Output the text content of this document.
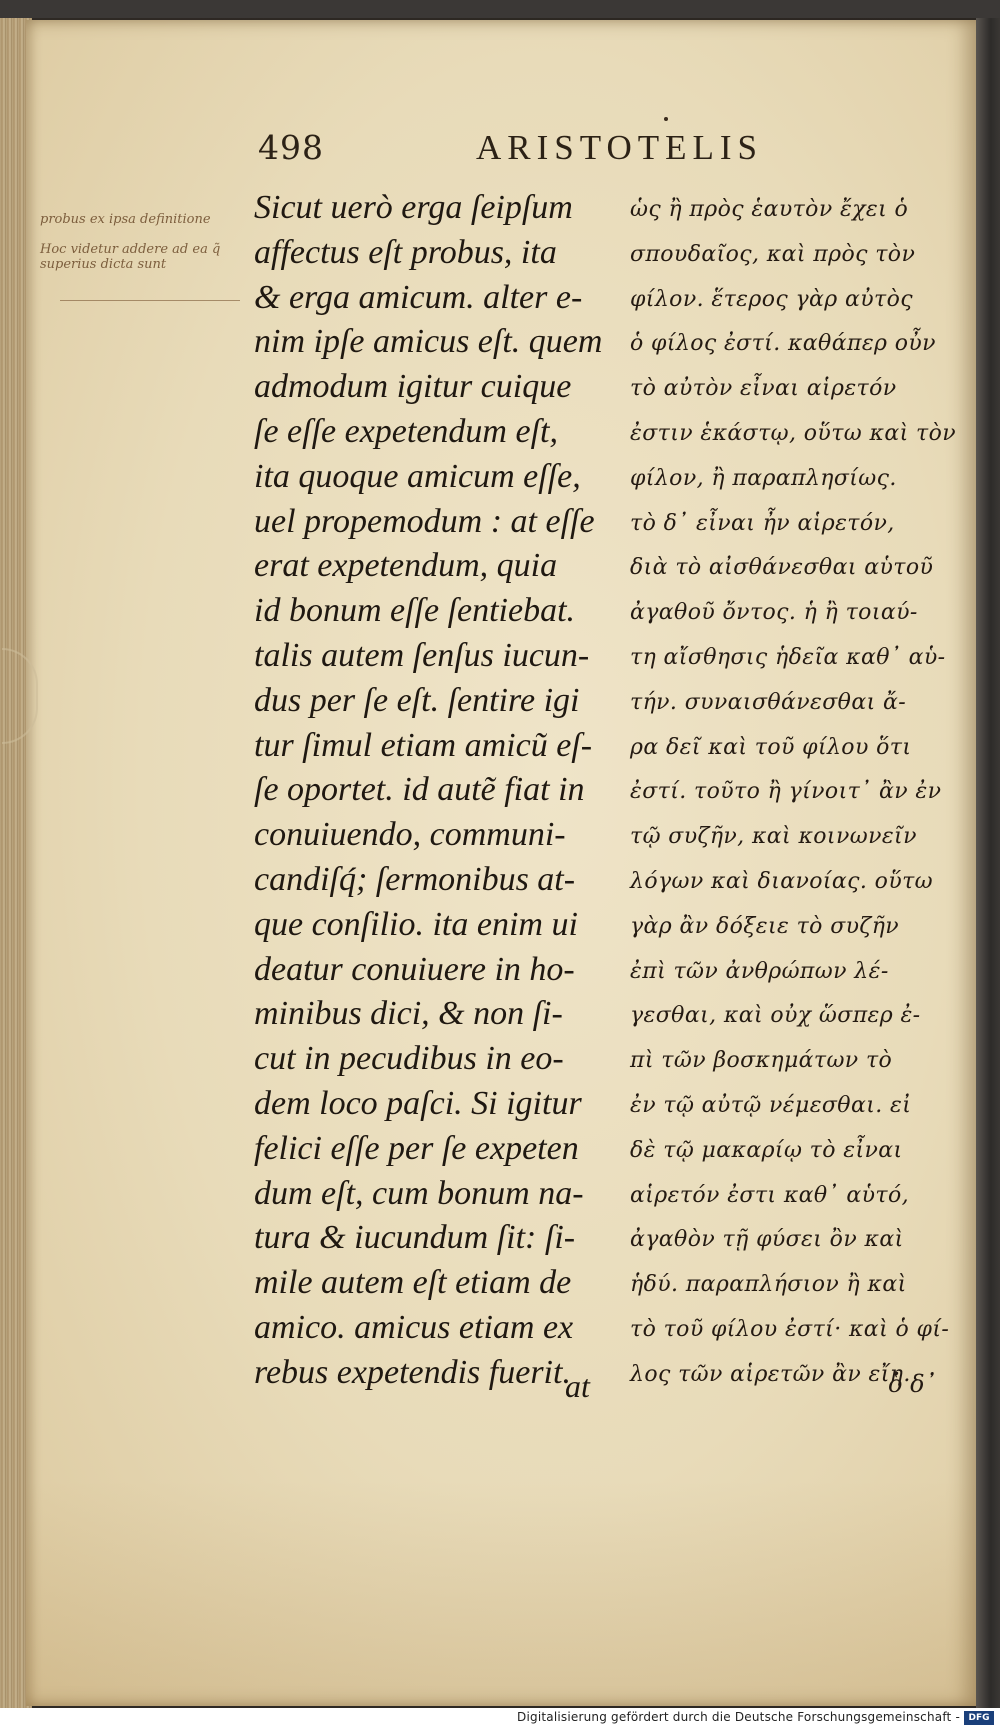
498	ARISTOTELIS
probus ex ipsa definitione
Hoc videtur addere ad ea q̃ superius dicta sunt
Sicut uerò erga ſeipſum
affectus eſt probus, ita
& erga amicum. alter e-
nim ipſe amicus eſt. quem
admodum igitur cuique
ſe eſſe expetendum eſt,
ita quoque amicum eſſe,
uel propemodum : at eſſe
erat expetendum, quia
id bonum eſſe ſentiebat.
talis autem ſenſus iucun-
dus per ſe eſt. ſentire igi
tur ſimul etiam amicũ eſ-
ſe oportet. id autẽ fiat in
conuiuendo, communi-
candiſq́; ſermonibus at-
que conſilio. ita enim ui
deatur conuiuere in ho-
minibus dici, & non ſi-
cut in pecudibus in eo-
dem loco paſci. Si igitur
felici eſſe per ſe expeten
dum eſt, cum bonum na-
tura & iucundum ſit: ſi-
mile autem eſt etiam de
amico. amicus etiam ex
rebus expetendis fuerit.
at
ὡς ἢ πρὸς ἑαυτὸν ἔχει ὁ
σπουδαῖος, καὶ πρὸς τὸν
φίλον. ἕτερος γὰρ αὐτὸς
ὁ φίλος ἐστί. καθάπερ οὖν
τὸ αὐτὸν εἶναι αἱρετόν
ἐστιν ἑκάστῳ, οὕτω καὶ τὸν
φίλον, ἢ παραπλησίως.
τὸ δ᾽ εἶναι ἦν αἱρετόν,
διὰ τὸ αἰσθάνεσθαι αὑτοῦ
ἀγαθοῦ ὄντος. ἡ ἢ τοιαύ-
τη αἴσθησις ἡδεῖα καθ᾽ αὑ-
τήν. συναισθάνεσθαι ἄ-
ρα δεῖ καὶ τοῦ φίλου ὅτι
ἐστί. τοῦτο ἢ γίνοιτ᾽ ἂν ἐν
τῷ συζῆν, καὶ κοινωνεῖν
λόγων καὶ διανοίας. οὕτω
γὰρ ἂν δόξειε τὸ συζῆν
ἐπὶ τῶν ἀνθρώπων λέ-
γεσθαι, καὶ οὐχ ὥσπερ ἐ-
πὶ τῶν βοσκημάτων τὸ
ἐν τῷ αὐτῷ νέμεσθαι. εἰ
δὲ τῷ μακαρίῳ τὸ εἶναι
αἱρετόν ἐστι καθ᾽ αὑτό,
ἀγαθὸν τῇ φύσει ὂν καὶ
ἡδύ. παραπλήσιον ἢ καὶ
τὸ τοῦ φίλου ἐστί· καὶ ὁ φί-
λος τῶν αἱρετῶν ἂν εἴη.
ὁ δ᾽
Digitalisierung gefördert durch die Deutsche Forschungsgemeinschaft - DFG
